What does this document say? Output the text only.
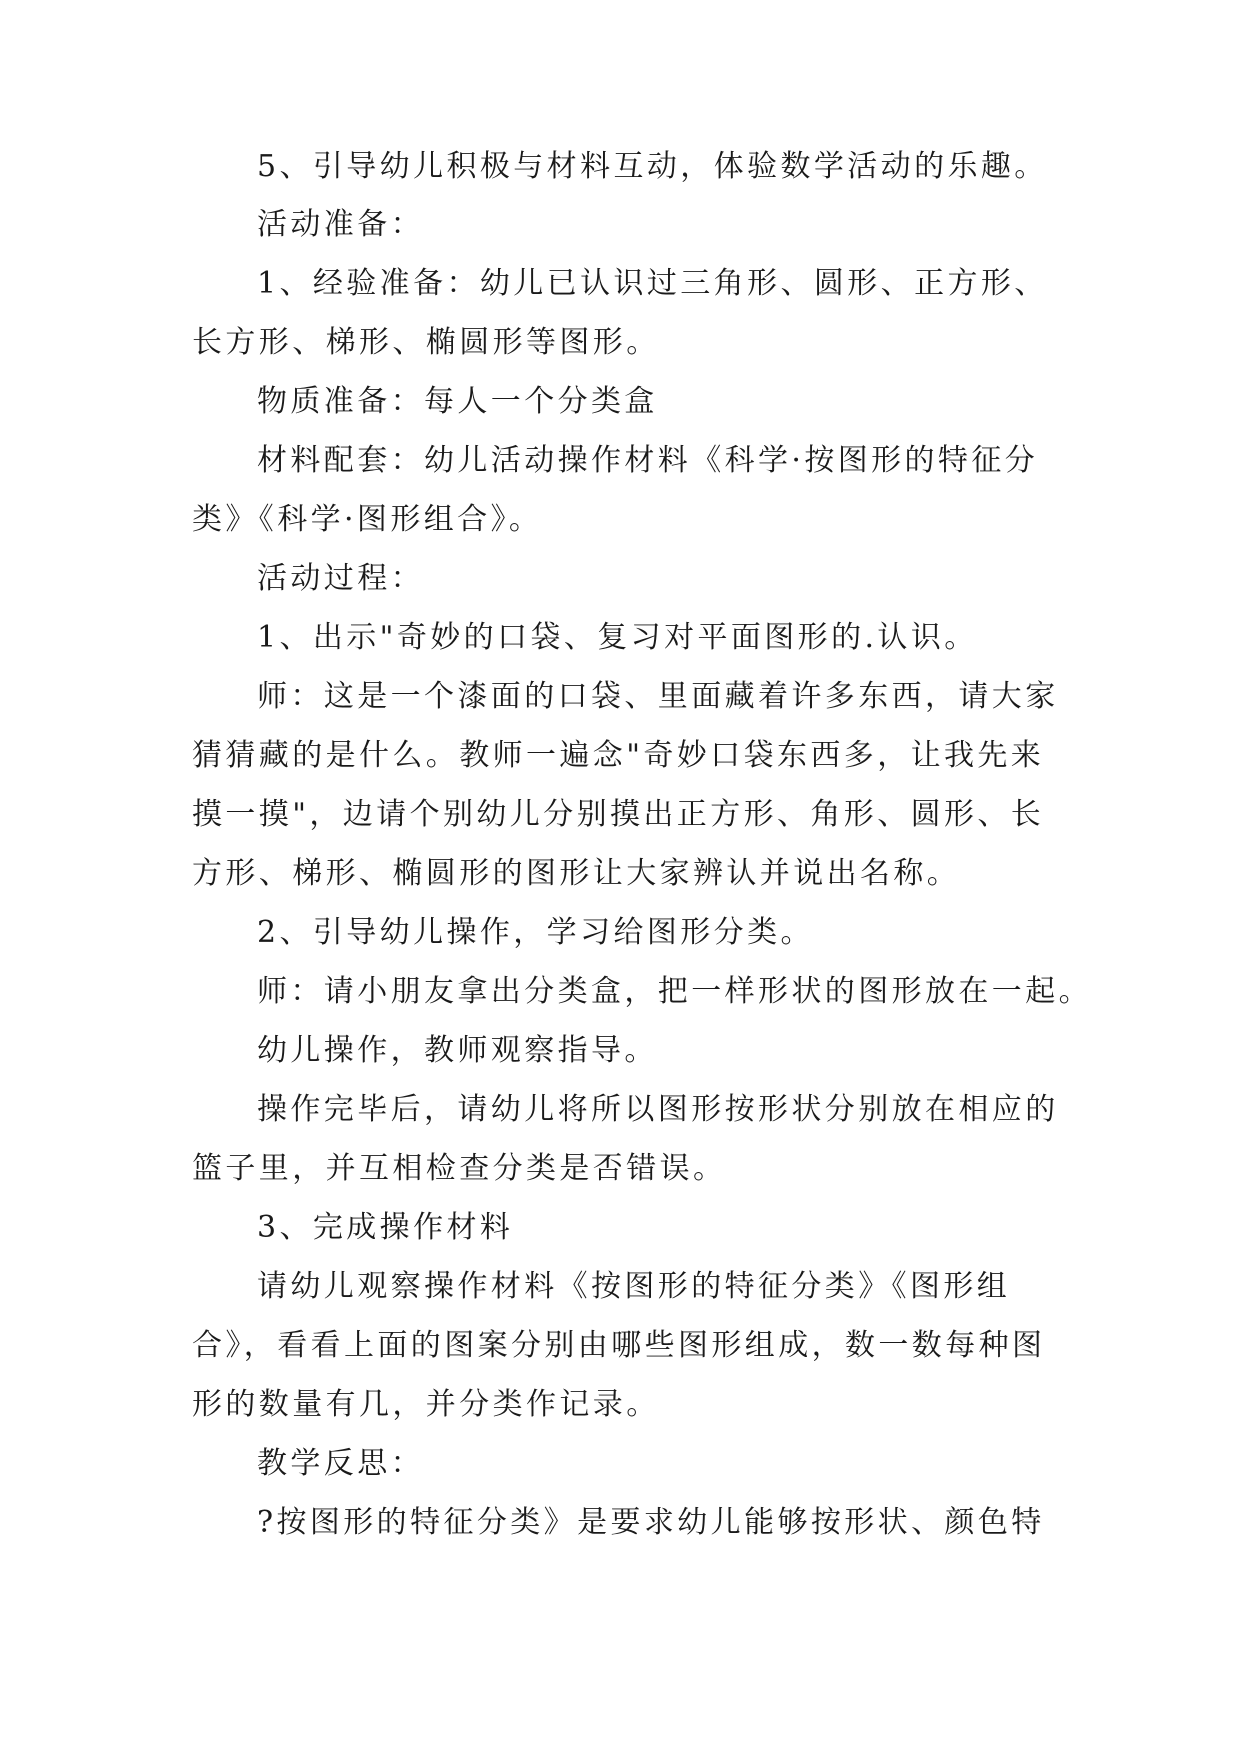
5、引导幼儿积极与材料互动，体验数学活动的乐趣。
活动准备：
1、经验准备：幼儿已认识过三角形、圆形、正方形、
长方形、梯形、椭圆形等图形。
物质准备：每人一个分类盒
材料配套：幼儿活动操作材料《科学·按图形的特征分
类》《科学·图形组合》。
活动过程：
1、出示"奇妙的口袋、复习对平面图形的.认识。
师：这是一个漆面的口袋、里面藏着许多东西，请大家
猜猜藏的是什么。教师一遍念"奇妙口袋东西多，让我先来
摸一摸"，边请个别幼儿分别摸出正方形、角形、圆形、长
方形、梯形、椭圆形的图形让大家辨认并说出名称。
2、引导幼儿操作，学习给图形分类。
师：请小朋友拿出分类盒，把一样形状的图形放在一起。
幼儿操作，教师观察指导。
操作完毕后，请幼儿将所以图形按形状分别放在相应的
篮子里，并互相检查分类是否错误。
3、完成操作材料
请幼儿观察操作材料《按图形的特征分类》《图形组
合》，看看上面的图案分别由哪些图形组成，数一数每种图
形的数量有几，并分类作记录。
教学反思：
?按图形的特征分类》是要求幼儿能够按形状、颜色特
